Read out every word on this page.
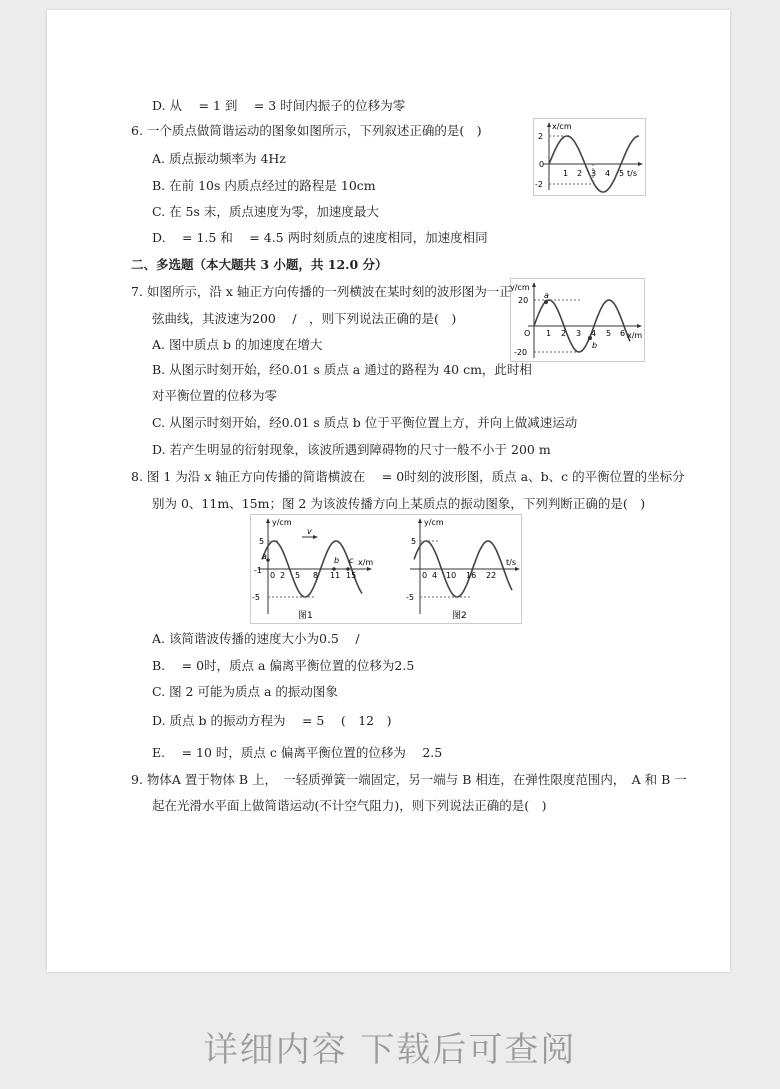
D. 从 　= 1 到 　= 3 时间内振子的位移为零
6. 一个质点做简谐运动的图象如图所示，下列叙述正确的是(　)
A. 质点振动频率为 4Hz
B. 在前 10s 内质点经过的路程是 10cm
C. 在 5s 末，质点速度为零，加速度最大
D. 　= 1.5 和 　= 4.5 两时刻质点的速度相同，加速度相同
x/cm
t/s
2
0
-2
1 2 3 4 5
二、多选题（本大题共 3 小题，共 12.0 分）
7. 如图所示，沿 x 轴正方向传播的一列横波在某时刻的波形图为一正
弦曲线，其波速为200 　/　，则下列说法正确的是(　)
A. 图中质点 b 的加速度在增大
B. 从图示时刻开始，经0.01 s 质点 a 通过的路程为 40 cm，此时相
对平衡位置的位移为零
C. 从图示时刻开始，经0.01 s 质点 b 位于平衡位置上方，并向上做减速运动
D. 若产生明显的衍射现象，该波所遇到障碍物的尺寸一般不小于 200 m
y/cm
x/m
20
O
-20
1 2 3 4 5 6
a
b
8. 图 1 为沿 x 轴正方向传播的简谐横波在 　= 0时刻的波形图，质点 a、b、c 的平衡位置的坐标分
别为 0、11m、15m；图 2 为该波传播方向上某质点的振动图象，下列判断正确的是(　)
y/cm
x/m
5
-1
-5
0 2 5 8 11 15
a	b c
v
图1
y/cm
t/s
5
-5
0 4 10 16 22
图2
A. 该简谐波传播的速度大小为0.5 　/
B. 　= 0时，质点 a 偏离平衡位置的位移为2.5
C. 图 2 可能为质点 a 的振动图象
D. 质点 b 的振动方程为 　= 5 　(　12　)
E. 　= 10 时，质点 c 偏离平衡位置的位移为 　2.5
9. 物体A 置于物体 B 上，　一轻质弹簧一端固定，另一端与 B 相连，在弹性限度范围内，　A 和 B 一
起在光滑水平面上做简谐运动(不计空气阻力)，则下列说法正确的是(　)
详细内容 下载后可查阅
